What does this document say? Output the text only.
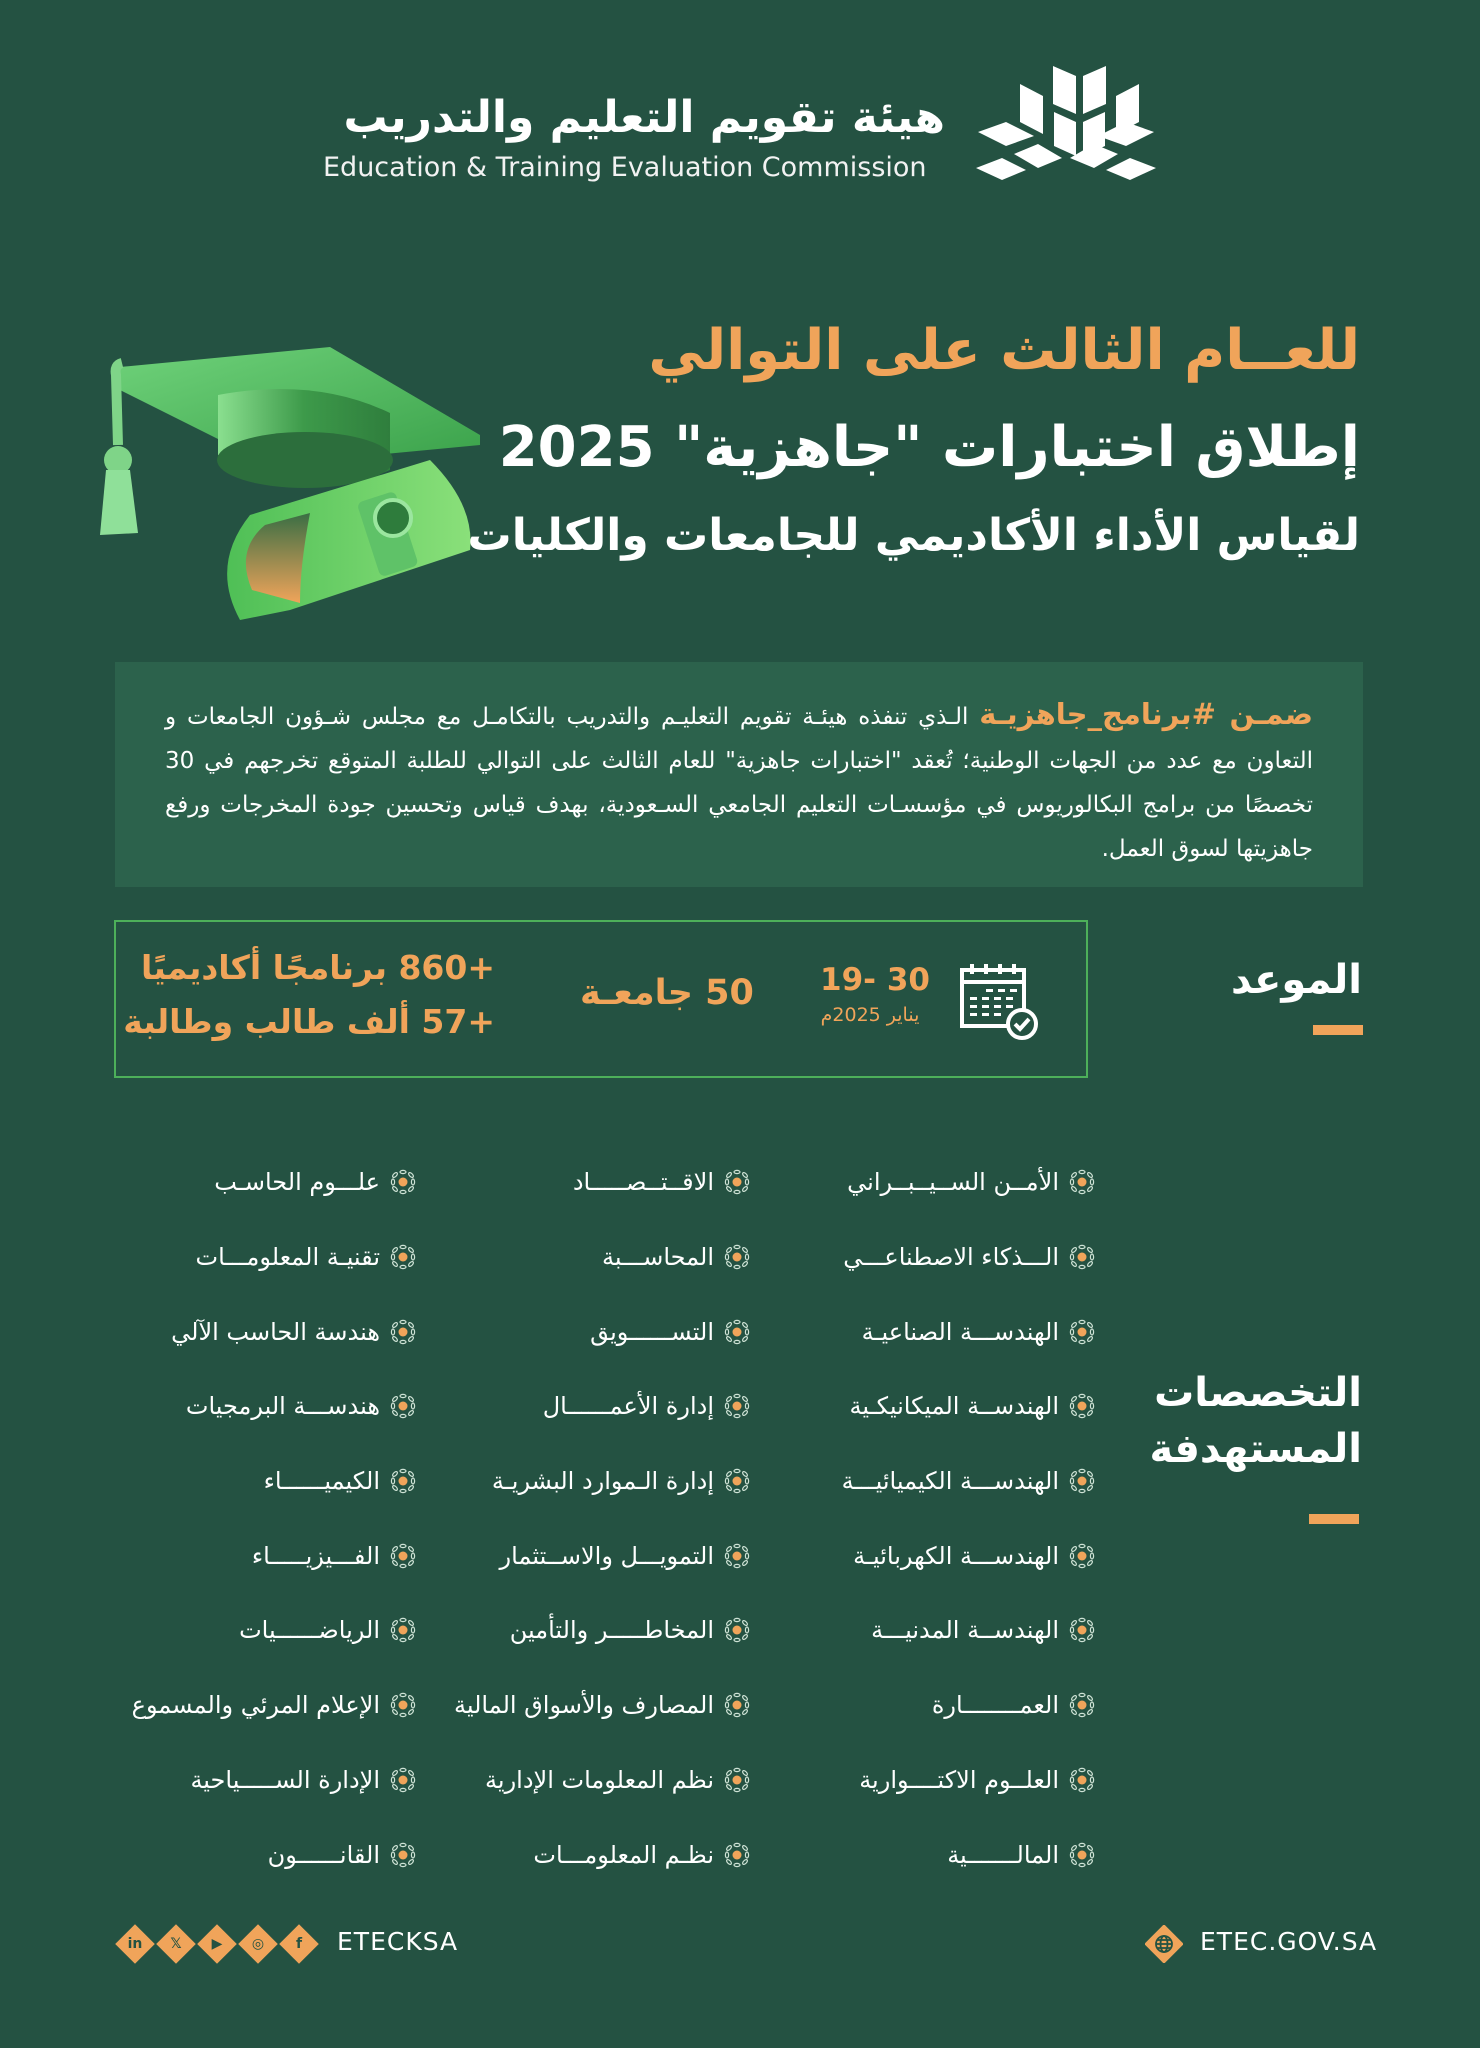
هيئة تقويم التعليم والتدريب
Education & Training Evaluation Commission
للعــام الثالث على التوالي
إطلاق اختبارات "جاهزية" 2025
لقياس الأداء الأكاديمي للجامعات والكليات

ضمـن #برنامج_جاهزيـة الـذي تنفذه هيئـة تقويم التعليـم والتدريب بالتكامـل مع مجلس شـؤون الجامعات و التعاون مع عدد من الجهات الوطنية؛ تُعقد "اختبارات جاهزية" للعام الثالث على التوالي للطلبة المتوقع تخرجهم في 30 تخصصًا من برامج البكالوريوس في مؤسسـات التعليم الجامعي السـعودية، بهدف قياس وتحسين جودة المخرجات ورفع جاهزيتها لسوق العمل.

الموعد
19- 30
يناير 2025م
50 جامعـة
+860 برنامجًا أكاديميًا
+57 ألف طالب وطالبة
التخصصات
المستهدفة
الأمــن الســيــبــراني
الـــذكاء الاصطناعـــي
الهندســـة الصناعيـة
الهندســة الميكانيكـية
الهندســـة الكيميائيـــة
الهندســـة الكهربائيـة
الهندســة المدنيـــة
العمــــــــارة
العلــوم الاكتــــوارية
المالـــــــية
الاقــتــصـــــاد
المحاســـبة
التســــــويق
إدارة الأعمــــــال
إدارة الـموارد البشريـة
التمويـــل والاســتثمار
المخاطـــــر والتأمين
المصارف والأسواق المالية
نظم المعلومات الإدارية
نظـم المعلومـــات
علـــوم الحاسـب
تقنيـة المعلومـــات
هندسة الحاسب الآلي
هندســـة البرمجيات
الكيميــــــاء
الفـــيزيـــــاء
الرياضــــــيات
الإعلام المرئي والمسموع
الإدارة الســـــياحية
القانــــــون
in	𝕏	▶	◎	f	ETECKSA	ETEC.GOV.SA
